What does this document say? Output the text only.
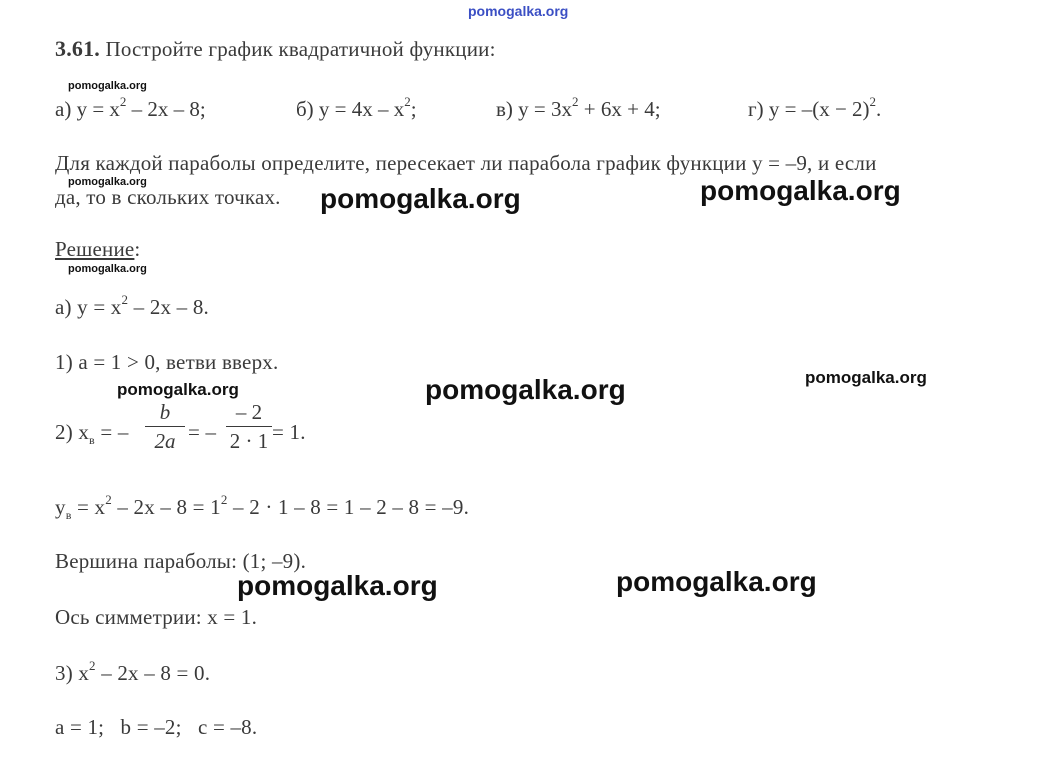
pomogalka.org
pomogalka.org
pomogalka.org
pomogalka.org
pomogalka.org	pomogalka.org
pomogalka.org	pomogalka.org	pomogalka.org
pomogalka.org	pomogalka.org
3.61. Постройте график квадратичной функции:
а) $у = х^2 - 2х - 8$;	б) $у = 4х - х^2$;	в) $у = 3х^2 + 6х + 4$;	г) $у = -(х - 2)^2$.
Для каждой параболы определите, пересекает ли парабола график функции у = –9, и если
да, то в скольких точках.
Решение:
а) $у = х^2 - 2х - 8$.
1) а = 1 > 0, ветви вверх.
2) $х_в$ = –
b
2a = –
– 2
2 · 1 = 1.
$у_в = х^2 - 2х - 8 = 1^2 - 2 \cdot 1 - 8 = 1 - 2 - 8 = -9$.
Вершина параболы: (1; –9).
Ось симметрии: х = 1.
3) $х^2 - 2х - 8 = 0$.
а = 1;   b = –2;   с = –8.
